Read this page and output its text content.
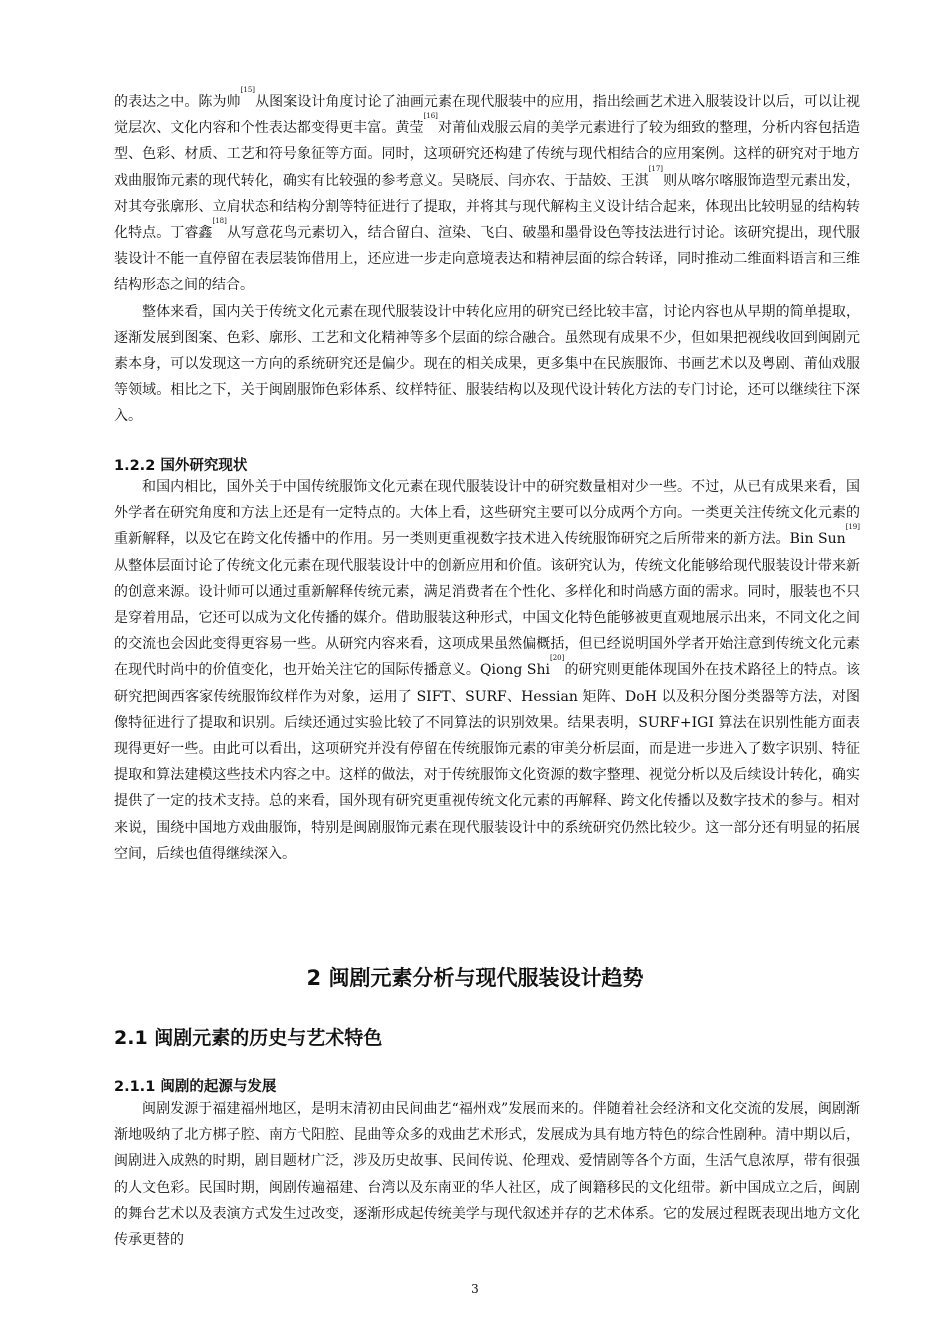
的表达之中。陈为帅[15]从图案设计角度讨论了油画元素在现代服装中的应用，指出绘画艺术进入服装设计以后，可以让视觉层次、文化内容和个性表达都变得更丰富。黄莹[16]对莆仙戏服云肩的美学元素进行了较为细致的整理，分析内容包括造型、色彩、材质、工艺和符号象征等方面。同时，这项研究还构建了传统与现代相结合的应用案例。这样的研究对于地方戏曲服饰元素的现代转化，确实有比较强的参考意义。吴晓辰、闫亦农、于喆姣、王淇[17]则从喀尔喀服饰造型元素出发，对其夸张廓形、立肩状态和结构分割等特征进行了提取，并将其与现代解构主义设计结合起来，体现出比较明显的结构转化特点。丁睿鑫[18]从写意花鸟元素切入，结合留白、渲染、飞白、破墨和墨骨设色等技法进行讨论。该研究提出，现代服装设计不能一直停留在表层装饰借用上，还应进一步走向意境表达和精神层面的综合转译，同时推动二维面料语言和三维结构形态之间的结合。

整体来看，国内关于传统文化元素在现代服装设计中转化应用的研究已经比较丰富，讨论内容也从早期的简单提取，逐渐发展到图案、色彩、廓形、工艺和文化精神等多个层面的综合融合。虽然现有成果不少，但如果把视线收回到闽剧元素本身，可以发现这一方向的系统研究还是偏少。现在的相关成果，更多集中在民族服饰、书画艺术以及粤剧、莆仙戏服等领域。相比之下，关于闽剧服饰色彩体系、纹样特征、服装结构以及现代设计转化方法的专门讨论，还可以继续往下深入。

1.2.2 国外研究现状

和国内相比，国外关于中国传统服饰文化元素在现代服装设计中的研究数量相对少一些。不过，从已有成果来看，国外学者在研究角度和方法上还是有一定特点的。大体上看，这些研究主要可以分成两个方向。一类更关注传统文化元素的重新解释，以及它在跨文化传播中的作用。另一类则更重视数字技术进入传统服饰研究之后所带来的新方法。Bin Sun[19]从整体层面讨论了传统文化元素在现代服装设计中的创新应用和价值。该研究认为，传统文化能够给现代服装设计带来新的创意来源。设计师可以通过重新解释传统元素，满足消费者在个性化、多样化和时尚感方面的需求。同时，服装也不只是穿着用品，它还可以成为文化传播的媒介。借助服装这种形式，中国文化特色能够被更直观地展示出来，不同文化之间的交流也会因此变得更容易一些。从研究内容来看，这项成果虽然偏概括，但已经说明国外学者开始注意到传统文化元素在现代时尚中的价值变化，也开始关注它的国际传播意义。Qiong Shi[20]的研究则更能体现国外在技术路径上的特点。该研究把闽西客家传统服饰纹样作为对象，运用了 SIFT、SURF、Hessian 矩阵、DoH 以及积分图分类器等方法，对图像特征进行了提取和识别。后续还通过实验比较了不同算法的识别效果。结果表明，SURF+IGI 算法在识别性能方面表现得更好一些。由此可以看出，这项研究并没有停留在传统服饰元素的审美分析层面，而是进一步进入了数字识别、特征提取和算法建模这些技术内容之中。这样的做法，对于传统服饰文化资源的数字整理、视觉分析以及后续设计转化，确实提供了一定的技术支持。总的来看，国外现有研究更重视传统文化元素的再解释、跨文化传播以及数字技术的参与。相对来说，围绕中国地方戏曲服饰，特别是闽剧服饰元素在现代服装设计中的系统研究仍然比较少。这一部分还有明显的拓展空间，后续也值得继续深入。

2 闽剧元素分析与现代服装设计趋势
2.1 闽剧元素的历史与艺术特色
2.1.1 闽剧的起源与发展

闽剧发源于福建福州地区，是明末清初由民间曲艺“福州戏”发展而来的。伴随着社会经济和文化交流的发展，闽剧渐渐地吸纳了北方梆子腔、南方弋阳腔、昆曲等众多的戏曲艺术形式，发展成为具有地方特色的综合性剧种。清中期以后，闽剧进入成熟的时期，剧目题材广泛，涉及历史故事、民间传说、伦理戏、爱情剧等各个方面，生活气息浓厚，带有很强的人文色彩。民国时期，闽剧传遍福建、台湾以及东南亚的华人社区，成了闽籍移民的文化纽带。新中国成立之后，闽剧的舞台艺术以及表演方式发生过改变，逐渐形成起传统美学与现代叙述并存的艺术体系。它的发展过程既表现出地方文化传承更替的

3
